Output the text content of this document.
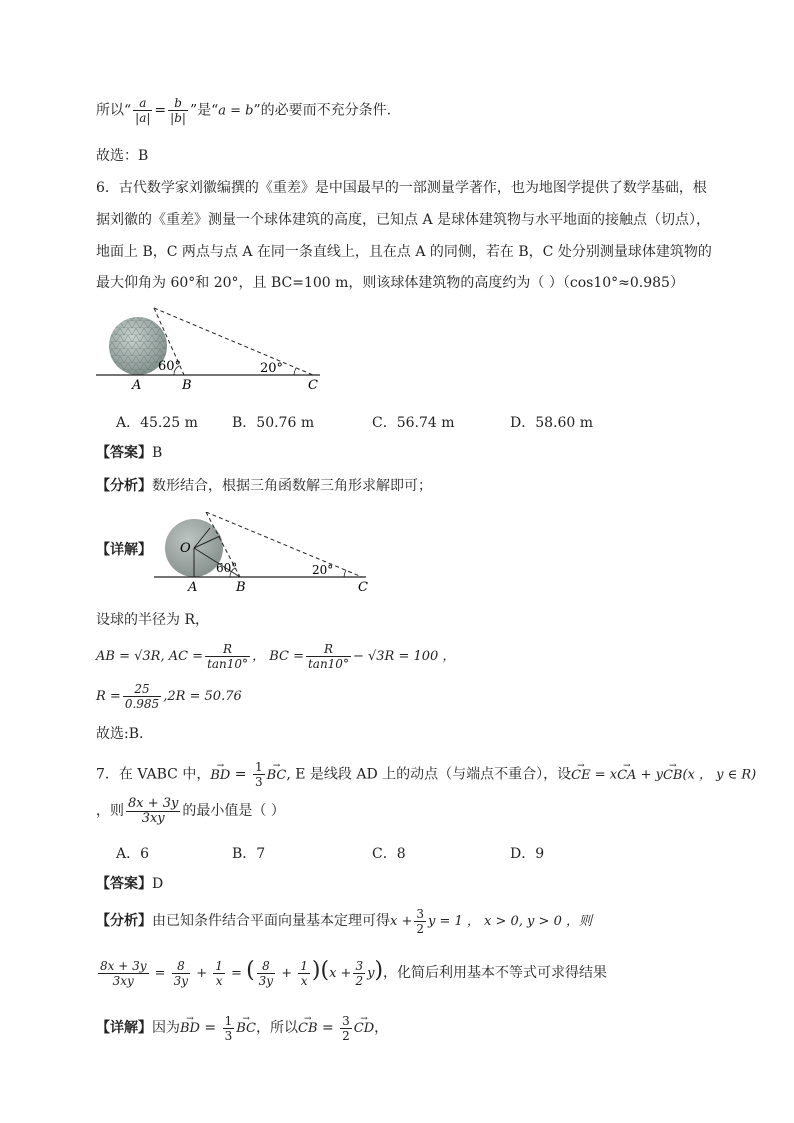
所以“ $\frac{a}{|a|} = \frac{b}{|b|}$ ”是“a = b”的必要而不充分条件.
故选：B
6．古代数学家刘徽编撰的《重差》是中国最早的一部测量学著作，也为地图学提供了数学基础，根
据刘徽的《重差》测量一个球体建筑的高度，已知点 A 是球体建筑物与水平地面的接触点（切点），
地面上 B，C 两点与点 A 在同一条直线上，且在点 A 的同侧，若在 B，C 处分别测量球体建筑物的
最大仰角为 60°和 20°，且 BC=100 m，则该球体建筑物的高度约为（ ）（cos10°≈0.985）
60°	20°
A	B	C
A．45.25 m B．50.76 m	C．56.74 m	D．58.60 m
【答案】B
【分析】数形结合，根据三角函数解三角形求解即可；
【详解】 O
60°	20°
A	B	C
设球的半径为 R，
AB = √3R, AC = $\frac{R}{\tan 10^\circ}$ ， BC = $\frac{R}{\tan 10^\circ} - √3R = 100$ ，
$R = \frac{25}{0.985} ,2R = 50.76$
故选:B.
7．在 VABC 中，→ BD = $\frac{1}{3}$ → BC, E 是线段 AD 上的动点（与端点不重合），设→ CE = x→ CA + y→ CB(x ， y ∈ R)
，则 $\frac{8x + 3y}{3xy}$ 的最小值是（ ）
A．6	B．7	C．8	D．9
【答案】D
【分析】由已知条件结合平面向量基本定理可得$x + \frac{3}{2}$ y = 1 ， x > 0, y > 0 ，则
$\frac{8x + 3y}{3xy} = \frac{8}{3y} + \frac{1}{x}$ = ( $\frac{8}{3y} + \frac{1}{x} )(x + \frac{3}{2} y)$，化简后利用基本不等式可求得结果
【详解】因为→ BD = $\frac{1}{3}$ → BC，所以→ CB = $\frac{3}{2}$ → CD，
